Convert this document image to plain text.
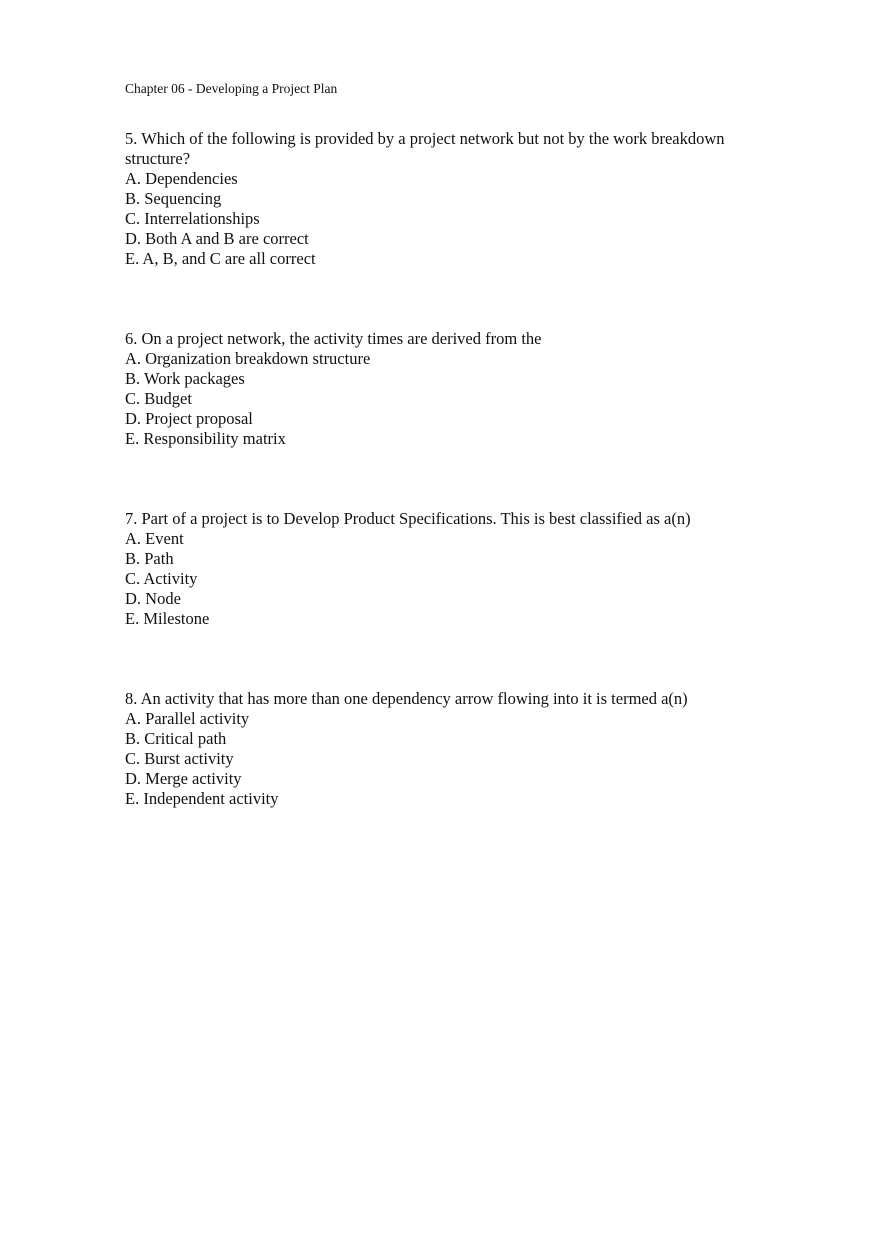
Chapter 06 - Developing a Project Plan

5. Which of the following is provided by a project network but not by the work breakdown structure?

A. Dependencies

B. Sequencing

C. Interrelationships

D. Both A and B are correct

E. A, B, and C are all correct

6. On a project network, the activity times are derived from the

A. Organization breakdown structure

B. Work packages

C. Budget

D. Project proposal

E. Responsibility matrix

7. Part of a project is to Develop Product Specifications. This is best classified as a(n)

A. Event

B. Path

C. Activity

D. Node

E. Milestone

8. An activity that has more than one dependency arrow flowing into it is termed a(n)

A. Parallel activity

B. Critical path

C. Burst activity

D. Merge activity

E. Independent activity
